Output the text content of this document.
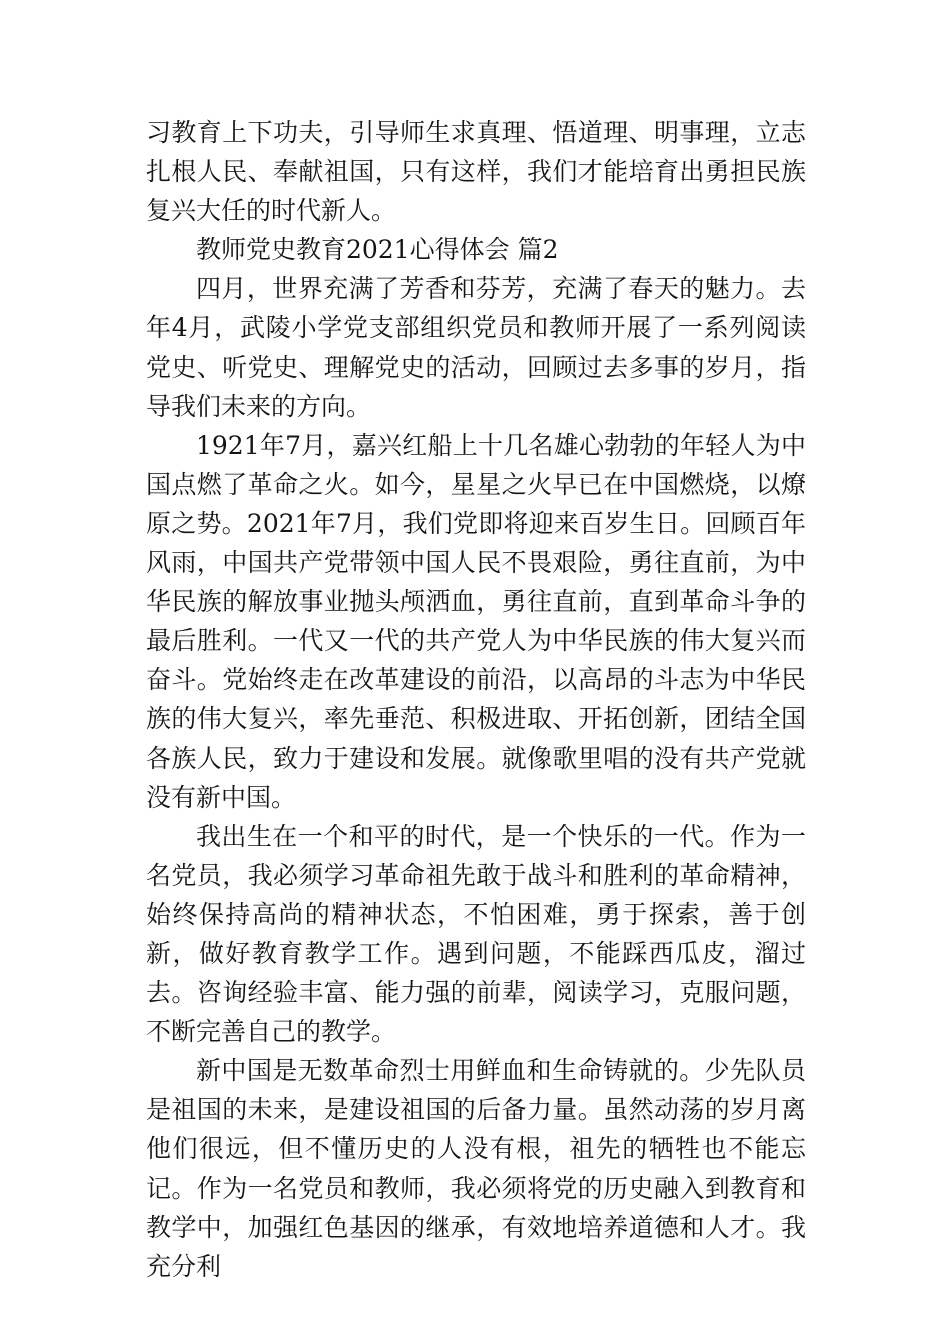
习教育上下功夫，引导师生求真理、悟道理、明事理，立志扎根人民、奉献祖国，只有这样，我们才能培育出勇担民族复兴大任的时代新人。

教师党史教育2021心得体会 篇2

四月，世界充满了芳香和芬芳，充满了春天的魅力。去年4月，武陵小学党支部组织党员和教师开展了一系列阅读党史、听党史、理解党史的活动，回顾过去多事的岁月，指导我们未来的方向。

1921年7月，嘉兴红船上十几名雄心勃勃的年轻人为中国点燃了革命之火。如今，星星之火早已在中国燃烧，以燎原之势。2021年7月，我们党即将迎来百岁生日。回顾百年风雨，中国共产党带领中国人民不畏艰险，勇往直前，为中华民族的解放事业抛头颅洒血，勇往直前，直到革命斗争的最后胜利。一代又一代的共产党人为中华民族的伟大复兴而奋斗。党始终走在改革建设的前沿，以高昂的斗志为中华民族的伟大复兴，率先垂范、积极进取、开拓创新，团结全国各族人民，致力于建设和发展。就像歌里唱的没有共产党就没有新中国。

我出生在一个和平的时代，是一个快乐的一代。作为一名党员，我必须学习革命祖先敢于战斗和胜利的革命精神，始终保持高尚的精神状态，不怕困难，勇于探索，善于创新，做好教育教学工作。遇到问题，不能踩西瓜皮，溜过去。咨询经验丰富、能力强的前辈，阅读学习，克服问题，不断完善自己的教学。

新中国是无数革命烈士用鲜血和生命铸就的。少先队员是祖国的未来，是建设祖国的后备力量。虽然动荡的岁月离他们很远，但不懂历史的人没有根，祖先的牺牲也不能忘记。作为一名党员和教师，我必须将党的历史融入到教育和教学中，加强红色基因的继承，有效地培养道德和人才。我充分利
